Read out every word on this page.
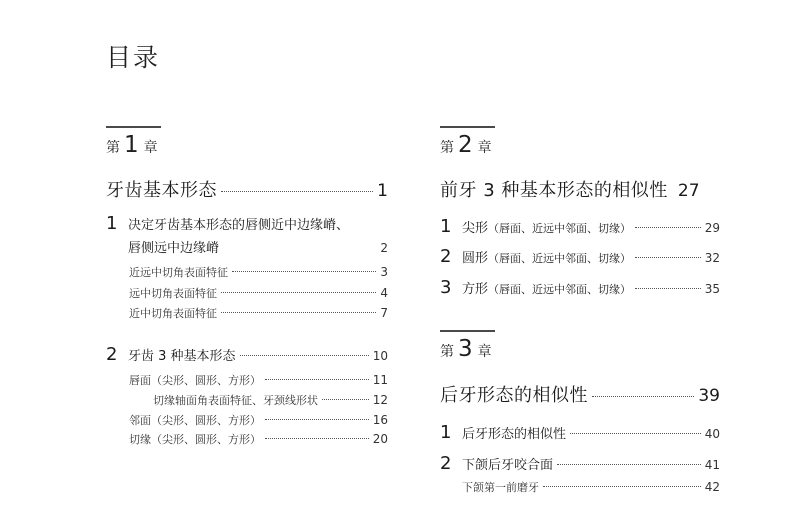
目录
第 1 章
牙齿基本形态	1
1 决定牙齿基本形态的唇侧近中边缘嵴、
唇侧远中边缘嵴	2
近远中切角表面特征	3
远中切角表面特征	4
近中切角表面特征	7
2 牙齿 3 种基本形态	10
唇面（尖形、圆形、方形）	11
切缘轴面角表面特征、牙颈线形状	12
邻面（尖形、圆形、方形）	16
切缘（尖形、圆形、方形）	20
第 2 章
前牙 3 种基本形态的相似性 27
1 尖形 （唇面、近远中邻面、切缘）	29
2 圆形 （唇面、近远中邻面、切缘）	32
3 方形 （唇面、近远中邻面、切缘）	35
第 3 章
后牙形态的相似性	39
1 后牙形态的相似性	40
2 下颌后牙咬合面	41
下颌第一前磨牙	42
